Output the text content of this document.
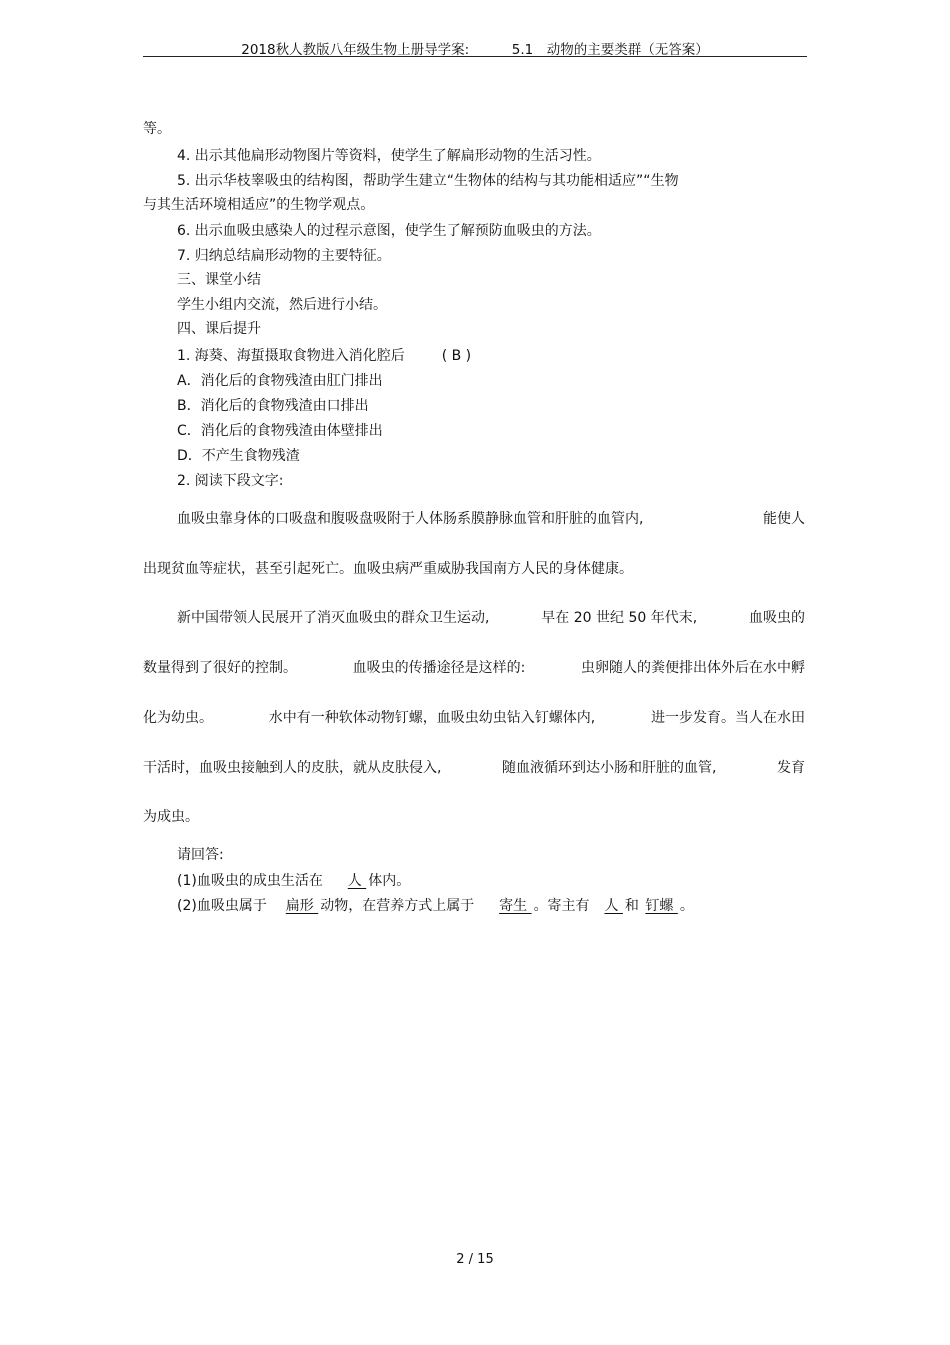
2018秋人教版八年级生物上册导学案:	5.1　动物的主要类群（无答案）
等。
4. 出示其他扁形动物图片等资料，使学生了解扁形动物的生活习性。
5. 出示华枝睾吸虫的结构图，帮助学生建立“生物体的结构与其功能相适应”“生物
与其生活环境相适应”的生物学观点。
6. 出示血吸虫感染人的过程示意图，使学生了解预防血吸虫的方法。
7. 归纳总结扁形动物的主要特征。
三、课堂小结
学生小组内交流，然后进行小结。
四、课后提升
1. 海葵、海蜇摄取食物进入消化腔后	( B )
A．消化后的食物残渣由肛门排出
B．消化后的食物残渣由口排出
C．消化后的食物残渣由体壁排出
D．不产生食物残渣
2. 阅读下段文字:
血吸虫靠身体的口吸盘和腹吸盘吸附于人体肠系膜静脉血管和肝脏的血管内,	能使人
出现贫血等症状，甚至引起死亡。血吸虫病严重威胁我国南方人民的身体健康。
新中国带领人民展开了消灭血吸虫的群众卫生运动,	早在 20 世纪 50 年代末,	血吸虫的
数量得到了很好的控制。	血吸虫的传播途径是这样的:	虫卵随人的粪便排出体外后在水中孵
化为幼虫。	水中有一种软体动物钉螺，血吸虫幼虫钻入钉螺体内,	进一步发育。当人在水田
干活时，血吸虫接触到人的皮肤，就从皮肤侵入,	随血液循环到达小肠和肝脏的血管,	发育
为成虫。
请回答:
(1)血吸虫的成虫生活在  人 体内。
(2)血吸虫属于  扁形 动物，在营养方式上属于  寄生 。寄主有  人 和 钉螺 。
2 / 15
